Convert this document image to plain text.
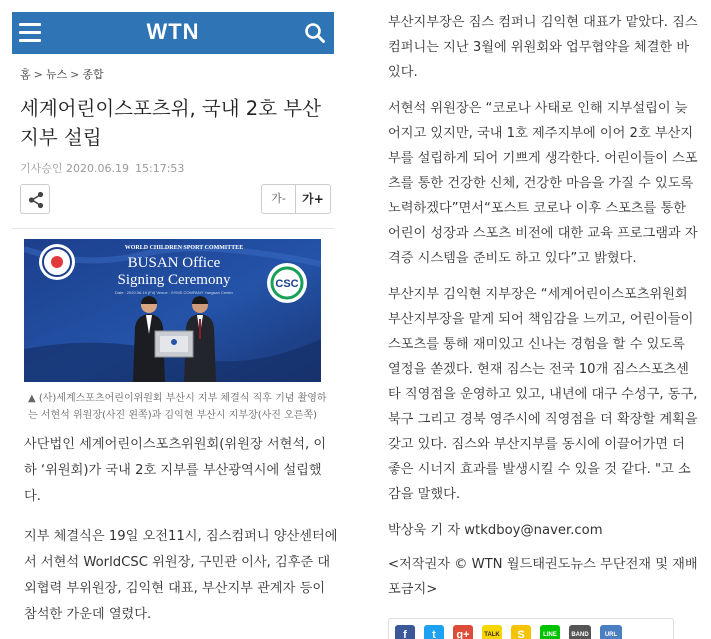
WTN
홈 > 뉴스 > 종합
세계어린이스포츠위, 국내 2호 부산지부 설립
기사승인 2020.06.19 15:17:53
가-	가+
CSC
WORLD CHILDREN SPORT COMMITTEE
BUSAN Office
Signing Ceremony
Date : 2020.06.19 (Fri) Venue : SYMS COMPANY Yangsan Center

▲ (사)세계스포츠어린이위원회 부산시 지부 체결식 직후 기념 촬영하는 서현석 위원장(사진 왼쪽)과 김익현 부산시 지부장(사진 오른쪽)

사단법인 세계어린이스포츠위원회(위원장 서현석, 이하 ‘위원회)가 국내 2호 지부를 부산광역시에 설립했다.

지부 체결식은 19일 오전11시, 짐스컴퍼니 양산센터에서 서현석 WorldCSC 위원장, 구민관 이사, 김후준 대외협력 부위원장, 김익현 대표, 부산지부 관계자 등이 참석한 가운데 열렸다.

부산지부장은 짐스 컴퍼니 김익현 대표가 맡았다. 짐스컴퍼니는 지난 3월에 위원회와 업무협약을 체결한 바 있다.

서현석 위원장은 “코로나 사태로 인해 지부설립이 늦어지고 있지만, 국내 1호 제주지부에 이어 2호 부산지부를 설립하게 되어 기쁘게 생각한다. 어린이들이 스포츠를 통한 건강한 신체, 건강한 마음을 가질 수 있도록 노력하겠다”면서“포스트 코로나 이후 스포츠를 통한 어린이 성장과 스포츠 비전에 대한 교육 프로그램과 자격증 시스템을 준비도 하고 있다”고 밝혔다.

부산지부 김익현 지부장은 “세계어린이스포츠위원회 부산지부장을 맡게 되어 책임감을 느끼고, 어린이들이 스포츠를 통해 재미있고 신나는 경험을 할 수 있도록 열정을 쏟겠다. 현재 짐스는 전국 10개 짐스스포츠센타 직영점을 운영하고 있고, 내년에 대구 수성구, 동구, 북구 그리고 경북 영주시에 직영점을 더 확장할 계획을 갖고 있다. 짐스와 부산지부를 동시에 이끌어가면 더 좋은 시너지 효과를 발생시킬 수 있을 것 같다. "고 소감을 말했다.

박상욱 기 자 wtkdboy@naver.com

<저작권자 © WTN 월드태권도뉴스 무단전재 및 재배포금지>

f	t	g+	TALK	S	LINE	BAND	URL
